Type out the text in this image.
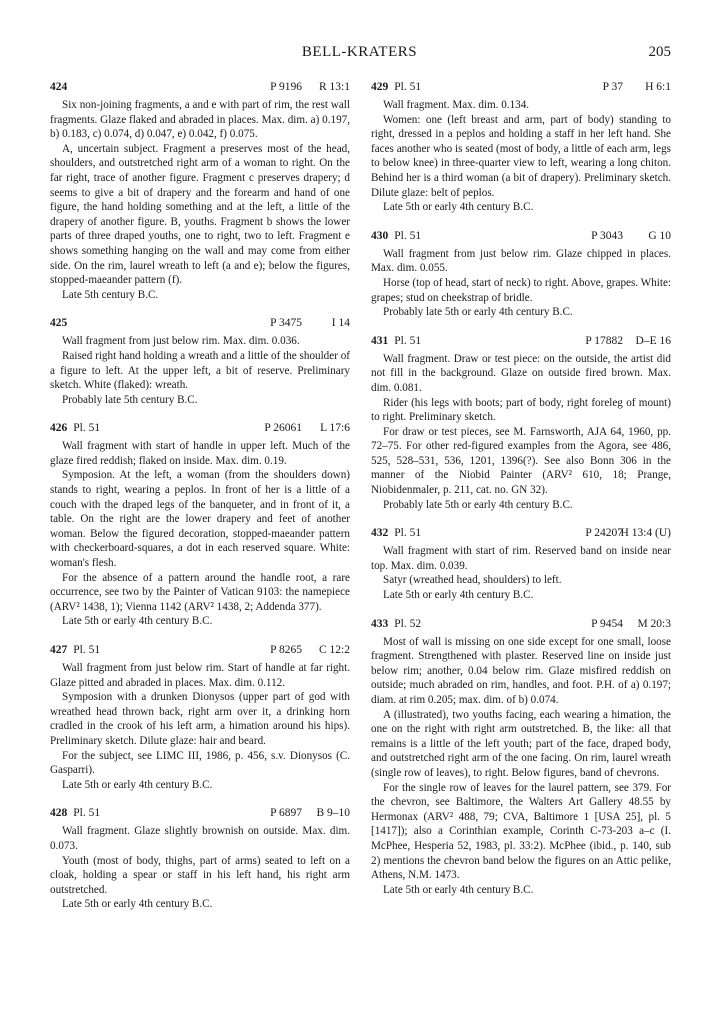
BELL-KRATERS	205
424	P 9196 R 13:1

Six non-joining fragments, a and e with part of rim, the rest wall fragments. Glaze flaked and abraded in places. Max. dim. a) 0.197, b) 0.183, c) 0.074, d) 0.047, e) 0.042, f) 0.075.

A, uncertain subject. Fragment a preserves most of the head, shoulders, and outstretched right arm of a woman to right. On the far right, trace of another figure. Fragment c preserves drapery; d seems to give a bit of drapery and the forearm and hand of one figure, the hand holding something and at the left, a little of the drapery of another figure. B, youths. Fragment b shows the lower parts of three draped youths, one to right, two to left. Fragment e shows something hanging on the wall and may come from either side. On the rim, laurel wreath to left (a and e); below the figures, stopped-maeander pattern (f).

Late 5th century B.C.

425	P 3475	I 14

Wall fragment from just below rim. Max. dim. 0.036.

Raised right hand holding a wreath and a little of the shoulder of a figure to left. At the upper left, a bit of reserve. Preliminary sketch. White (flaked): wreath.

Probably late 5th century B.C.

426 Pl. 51	P 26061 L 17:6

Wall fragment with start of handle in upper left. Much of the glaze fired reddish; flaked on inside. Max. dim. 0.19.

Symposion. At the left, a woman (from the shoulders down) stands to right, wearing a peplos. In front of her is a little of a couch with the draped legs of the banqueter, and in front of it, a table. On the right are the lower drapery and feet of another woman. Below the figured decoration, stopped-maeander pattern with checkerboard-squares, a dot in each reserved square. White: woman's flesh.

For the absence of a pattern around the handle root, a rare occurrence, see two by the Painter of Vatican 9103: the namepiece (ARV² 1438, 1); Vienna 1142 (ARV² 1438, 2; Addenda 377).

Late 5th or early 4th century B.C.

427 Pl. 51	P 8265 C 12:2

Wall fragment from just below rim. Start of handle at far right. Glaze pitted and abraded in places. Max. dim. 0.112.

Symposion with a drunken Dionysos (upper part of god with wreathed head thrown back, right arm over it, a drinking horn cradled in the crook of his left arm, a himation around his hips). Preliminary sketch. Dilute glaze: hair and beard.

For the subject, see LIMC III, 1986, p. 456, s.v. Dionysos (C. Gasparri).

Late 5th or early 4th century B.C.

428 Pl. 51	P 6897 B 9–10

Wall fragment. Glaze slightly brownish on outside. Max. dim. 0.073.

Youth (most of body, thighs, part of arms) seated to left on a cloak, holding a spear or staff in his left hand, his right arm outstretched.

Late 5th or early 4th century B.C.

429 Pl. 51	P 37 H 6:1

Wall fragment. Max. dim. 0.134.

Women: one (left breast and arm, part of body) standing to right, dressed in a peplos and holding a staff in her left hand. She faces another who is seated (most of body, a little of each arm, legs to below knee) in three-quarter view to left, wearing a long chiton. Behind her is a third woman (a bit of drapery). Preliminary sketch. Dilute glaze: belt of peplos.

Late 5th or early 4th century B.C.

430 Pl. 51	P 3043 G 10

Wall fragment from just below rim. Glaze chipped in places. Max. dim. 0.055.

Horse (top of head, start of neck) to right. Above, grapes. White: grapes; stud on cheekstrap of bridle.

Probably late 5th or early 4th century B.C.

431 Pl. 51	P 17882 D–E 16

Wall fragment. Draw or test piece: on the outside, the artist did not fill in the background. Glaze on outside fired brown. Max. dim. 0.081.

Rider (his legs with boots; part of body, right foreleg of mount) to right. Preliminary sketch.

For draw or test pieces, see M. Farnsworth, AJA 64, 1960, pp. 72–75. For other red-figured examples from the Agora, see 486, 525, 528–531, 536, 1201, 1396(?). See also Bonn 306 in the manner of the Niobid Painter (ARV² 610, 18; Prange, Niobidenmaler, p. 211, cat. no. GN 32).

Probably late 5th or early 4th century B.C.

432 Pl. 51	P 24207
H 13:4 (U)

Wall fragment with start of rim. Reserved band on inside near top. Max. dim. 0.039.

Satyr (wreathed head, shoulders) to left.

Late 5th or early 4th century B.C.

433 Pl. 52	P 9454 M 20:3

Most of wall is missing on one side except for one small, loose fragment. Strengthened with plaster. Reserved line on inside just below rim; another, 0.04 below rim. Glaze misfired reddish on outside; much abraded on rim, handles, and foot. P.H. of a) 0.197; diam. at rim 0.205; max. dim. of b) 0.074.

A (illustrated), two youths facing, each wearing a himation, the one on the right with right arm outstretched. B, the like: all that remains is a little of the left youth; part of the face, draped body, and outstretched right arm of the one facing. On rim, laurel wreath (single row of leaves), to right. Below figures, band of chevrons.

For the single row of leaves for the laurel pattern, see 379. For the chevron, see Baltimore, the Walters Art Gallery 48.55 by Hermonax (ARV² 488, 79; CVA, Baltimore 1 [USA 25], pl. 5 [1417]); also a Corinthian example, Corinth C-73-203 a–c (I. McPhee, Hesperia 52, 1983, pl. 33:2). McPhee (ibid., p. 140, sub 2) mentions the chevron band below the figures on an Attic pelike, Athens, N.M. 1473.

Late 5th or early 4th century B.C.
